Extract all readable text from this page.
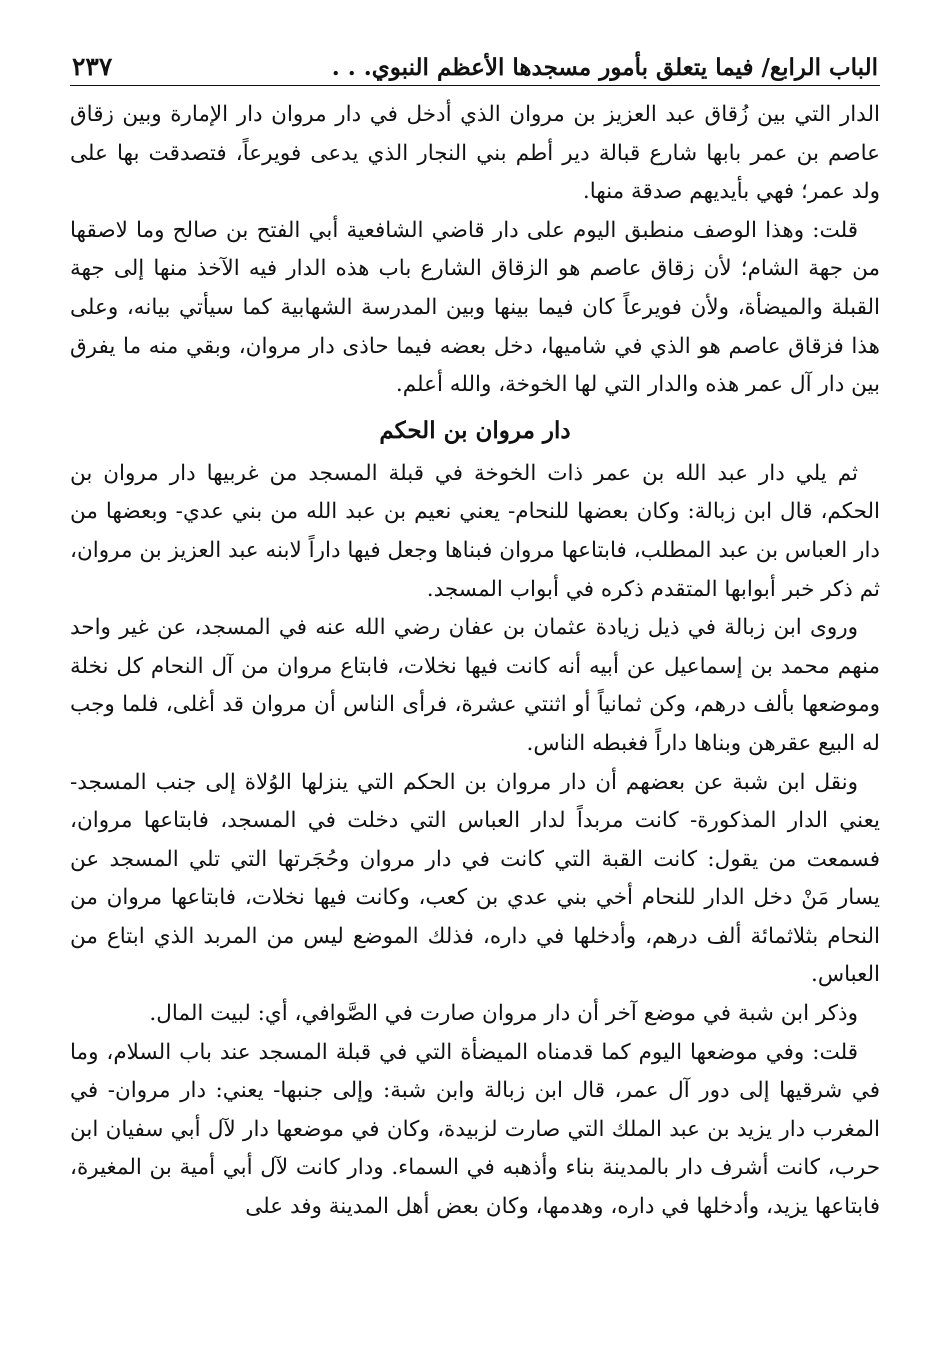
الباب الرابع/ فيما يتعلق بأمور مسجدها الأعظم النبوي. . .
٢٣٧

الدار التي بين زُقاق عبد العزيز بن مروان الذي أدخل في دار مروان دار الإمارة وبين زقاق عاصم بن عمر بابها شارع قبالة دير أطم بني النجار الذي يدعى فويرعاً، فتصدقت بها على ولد عمر؛ فهي بأيديهم صدقة منها.

قلت: وهذا الوصف منطبق اليوم على دار قاضي الشافعية أبي الفتح بن صالح وما لاصقها من جهة الشام؛ لأن زقاق عاصم هو الزقاق الشارع باب هذه الدار فيه الآخذ منها إلى جهة القبلة والميضأة، ولأن فويرعاً كان فيما بينها وبين المدرسة الشهابية كما سيأتي بيانه، وعلى هذا فزقاق عاصم هو الذي في شاميها، دخل بعضه فيما حاذى دار مروان، وبقي منه ما يفرق بين دار آل عمر هذه والدار التي لها الخوخة، والله أعلم.

دار مروان بن الحكم

ثم يلي دار عبد الله بن عمر ذات الخوخة في قبلة المسجد من غربيها دار مروان بن الحكم، قال ابن زبالة: وكان بعضها للنحام- يعني نعيم بن عبد الله من بني عدي- وبعضها من دار العباس بن عبد المطلب، فابتاعها مروان فبناها وجعل فيها داراً لابنه عبد العزيز بن مروان، ثم ذكر خبر أبوابها المتقدم ذكره في أبواب المسجد.

وروى ابن زبالة في ذيل زيادة عثمان بن عفان رضي الله عنه في المسجد، عن غير واحد منهم محمد بن إسماعيل عن أبيه أنه كانت فيها نخلات، فابتاع مروان من آل النحام كل نخلة وموضعها بألف درهم، وكن ثمانياً أو اثنتي عشرة، فرأى الناس أن مروان قد أغلى، فلما وجب له البيع عقرهن وبناها داراً فغبطه الناس.

ونقل ابن شبة عن بعضهم أن دار مروان بن الحكم التي ينزلها الوُلاة إلى جنب المسجد- يعني الدار المذكورة- كانت مربداً لدار العباس التي دخلت في المسجد، فابتاعها مروان، فسمعت من يقول: كانت القبة التي كانت في دار مروان وحُجَرتها التي تلي المسجد عن يسار مَنْ دخل الدار للنحام أخي بني عدي بن كعب، وكانت فيها نخلات، فابتاعها مروان من النحام بثلاثمائة ألف درهم، وأدخلها في داره، فذلك الموضع ليس من المربد الذي ابتاع من العباس.

وذكر ابن شبة في موضع آخر أن دار مروان صارت في الصَّوافي، أي: لبيت المال.

قلت: وفي موضعها اليوم كما قدمناه الميضأة التي في قبلة المسجد عند باب السلام، وما في شرقيها إلى دور آل عمر، قال ابن زبالة وابن شبة: وإلى جنبها- يعني: دار مروان- في المغرب دار يزيد بن عبد الملك التي صارت لزبيدة، وكان في موضعها دار لآل أبي سفيان ابن حرب، كانت أشرف دار بالمدينة بناء وأذهبه في السماء. ودار كانت لآل أبي أمية بن المغيرة، فابتاعها يزيد، وأدخلها في داره، وهدمها، وكان بعض أهل المدينة وفد على
